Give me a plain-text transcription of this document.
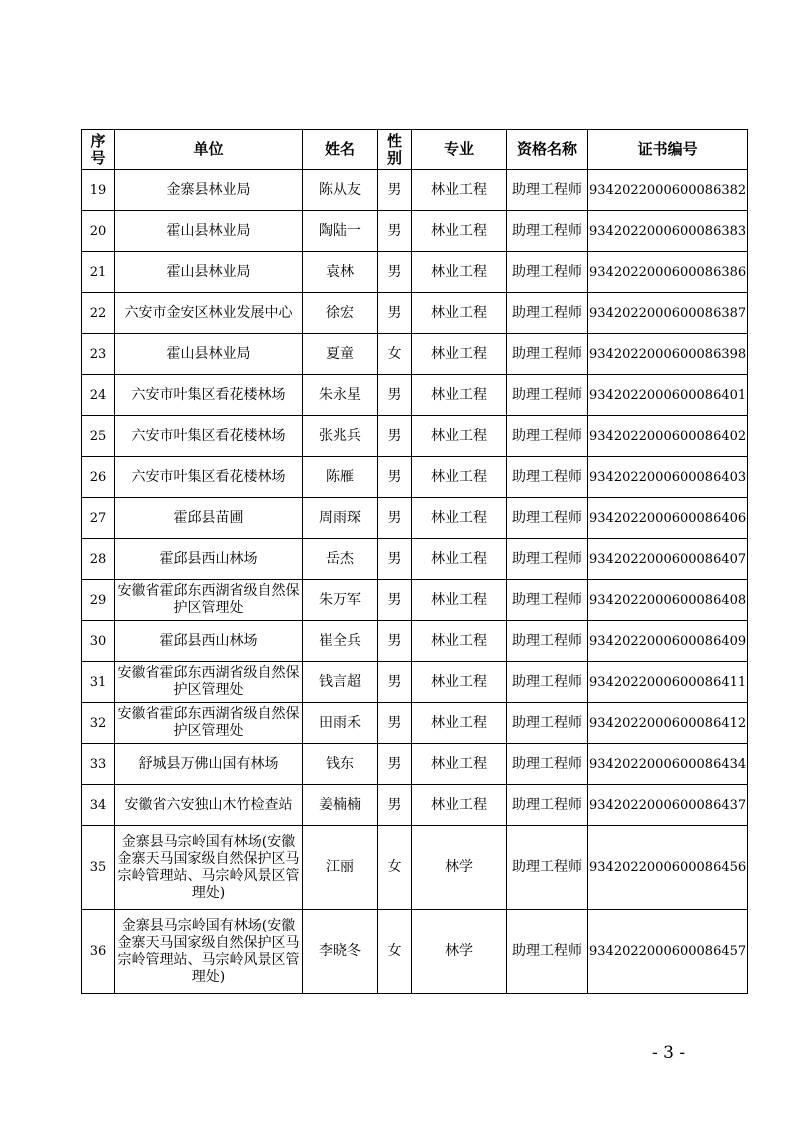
序号	单位	姓名	性别	专业	资格名称	证书编号
19	金寨县林业局	陈从友	男	林业工程	助理工程师	934202200060008638​2
20	霍山县林业局	陶陆一	男	林业工程	助理工程师	934202200060008638​3
21	霍山县林业局	袁林	男	林业工程	助理工程师	934202200060008638​6
22	六安市金安区林业发展中心	徐宏	男	林业工程	助理工程师	934202200060008638​7
23	霍山县林业局	夏童	女	林业工程	助理工程师	934202200060008639​8
24	六安市叶集区看花楼林场	朱永星	男	林业工程	助理工程师	934202200060008640​1
25	六安市叶集区看花楼林场	张兆兵	男	林业工程	助理工程师	934202200060008640​2
26	六安市叶集区看花楼林场	陈雁	男	林业工程	助理工程师	934202200060008640​3
27	霍邱县苗圃	周雨琛	男	林业工程	助理工程师	934202200060008640​6
28	霍邱县西山林场	岳杰	男	林业工程	助理工程师	934202200060008640​7
29	安徽省霍邱东西湖省级自然保
护区管理处	朱万军	男	林业工程	助理工程师	934202200060008640​8
30	霍邱县西山林场	崔全兵	男	林业工程	助理工程师	934202200060008640​9
31	安徽省霍邱东西湖省级自然保
护区管理处	钱言超	男	林业工程	助理工程师	934202200060008641​1
32	安徽省霍邱东西湖省级自然保
护区管理处	田雨禾	男	林业工程	助理工程师	934202200060008641​2
33	舒城县万佛山国有林场	钱东	男	林业工程	助理工程师	934202200060008643​4
34	安徽省六安独山木竹检查站	姜楠楠	男	林业工程	助理工程师	934202200060008643​7
35	金寨县马宗岭国有林场(安徽
金寨天马国家级自然保护区马
宗岭管理站、马宗岭风景区管
理处)	江丽	女	林学	助理工程师	934202200060008645​6
36	金寨县马宗岭国有林场(安徽
金寨天马国家级自然保护区马
宗岭管理站、马宗岭风景区管
理处)	李晓冬	女	林学	助理工程师	934202200060008645​7
- 3 -
